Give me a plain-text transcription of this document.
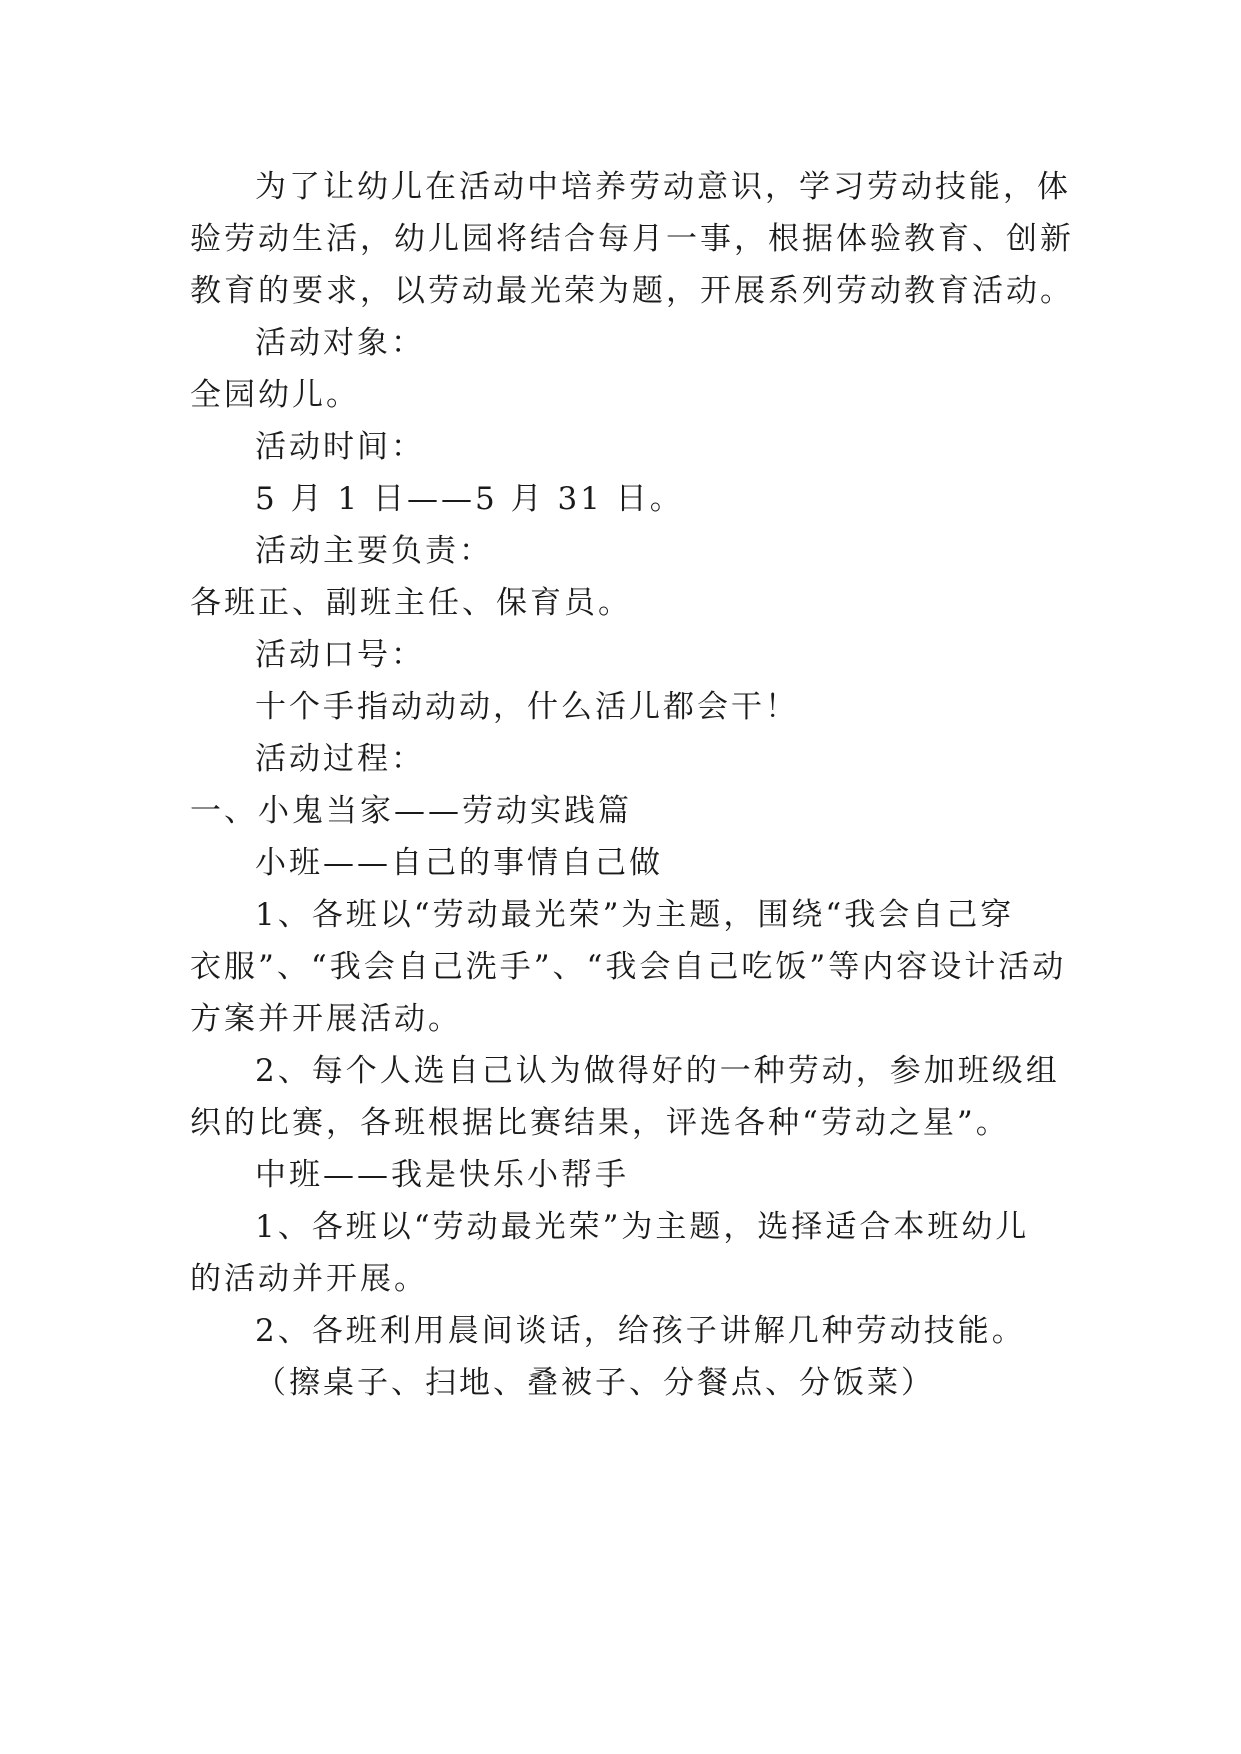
为了让幼儿在活动中培养劳动意识，学习劳动技能，体
验劳动生活，幼儿园将结合每月一事，根据体验教育、创新
教育的要求，以劳动最光荣为题，开展系列劳动教育活动。
活动对象：
全园幼儿。
活动时间：
5 月 1 日——5 月 31 日。
活动主要负责：
各班正、副班主任、保育员。
活动口号：
十个手指动动动，什么活儿都会干！
活动过程：
一、小鬼当家——劳动实践篇
小班——自己的事情自己做
1、各班以“劳动最光荣”为主题，围绕“我会自己穿
衣服”、“我会自己洗手”、“我会自己吃饭”等内容设计活动
方案并开展活动。
2、每个人选自己认为做得好的一种劳动，参加班级组
织的比赛，各班根据比赛结果，评选各种“劳动之星”。
中班——我是快乐小帮手
1、各班以“劳动最光荣”为主题，选择适合本班幼儿
的活动并开展。
2、各班利用晨间谈话，给孩子讲解几种劳动技能。
（擦桌子、扫地、叠被子、分餐点、分饭菜）
